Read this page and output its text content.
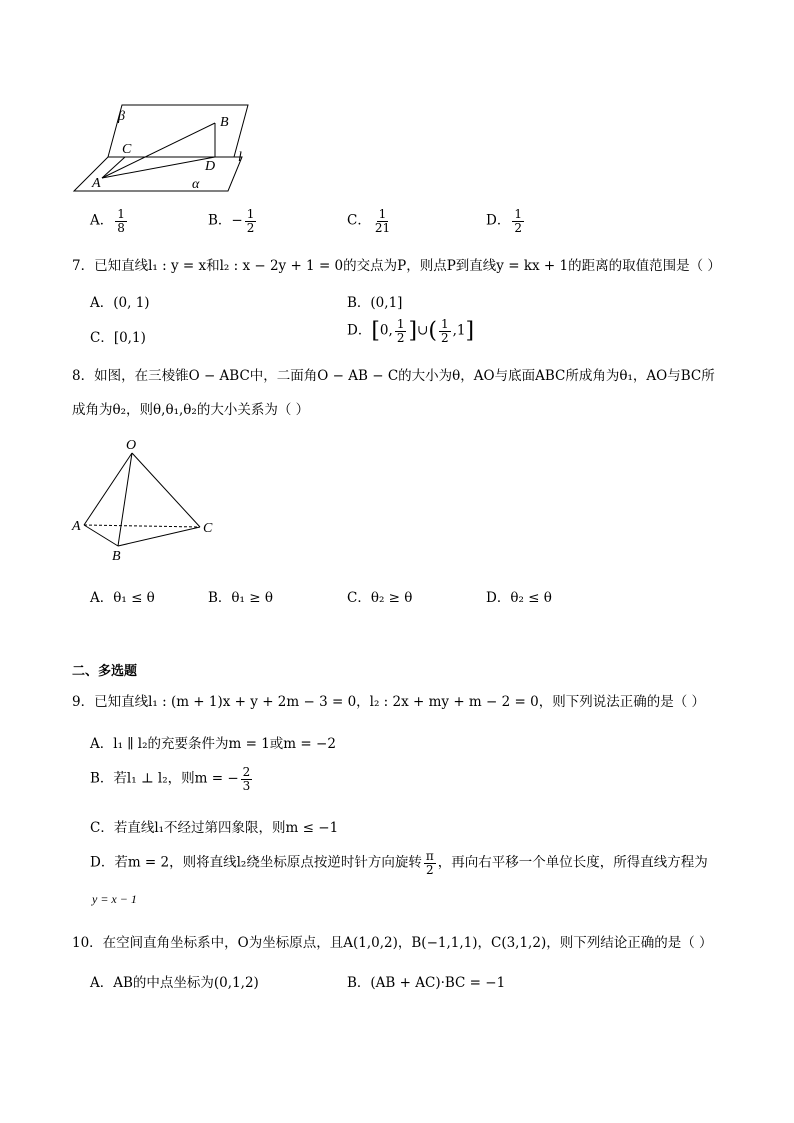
β	B
C
D
l
A	α
A． $\frac{1}{8}$	B．− $\frac{1}{2}$	C． $\frac{1}{21}$	D． $\frac{1}{2}$
7．已知直线l₁ : y = x和l₂ : x − 2y + 1 = 0的交点为P，则点P到直线y = kx + 1的距离的取值范围是（ ）
A．(0, 1)	B．(0,1]
C．[0,1)	D．[0, $\frac{1}{2}$ ]∪( $\frac{1}{2} ,1$]
8．如图，在三棱锥O − ABC中，二面角O − AB − C的大小为θ，AO与底面ABC所成角为θ₁，AO与BC所
成角为θ₂，则θ,θ₁,θ₂的大小关系为（ ）
O
A
B
C
A．θ₁ ≤ θ	B．θ₁ ≥ θ	C．θ₂ ≥ θ	D．θ₂ ≤ θ
二、多选题
9．已知直线l₁ : (m + 1)x + y + 2m − 3 = 0，l₂ : 2x + my + m − 2 = 0，则下列说法正确的是（ ）
A．l₁ ∥ l₂的充要条件为m = 1或m = −2
B．若l₁ ⊥ l₂，则m = − $\frac{2}{3}$
C．若直线l₁不经过第四象限，则m ≤ −1
D．若m = 2，则将直线l₂绕坐标原点按逆时针方向旋转 $\frac{\pi}{2}$ ，再向右平移一个单位长度，所得直线方程为
y = x − 1
10．在空间直角坐标系中，O为坐标原点，且A(1,0,2)，B(−1,1,1)，C(3,1,2)，则下列结论正确的是（ ）
A．AB的中点坐标为(0,1,2)	B．(AB + AC)·BC = −1
